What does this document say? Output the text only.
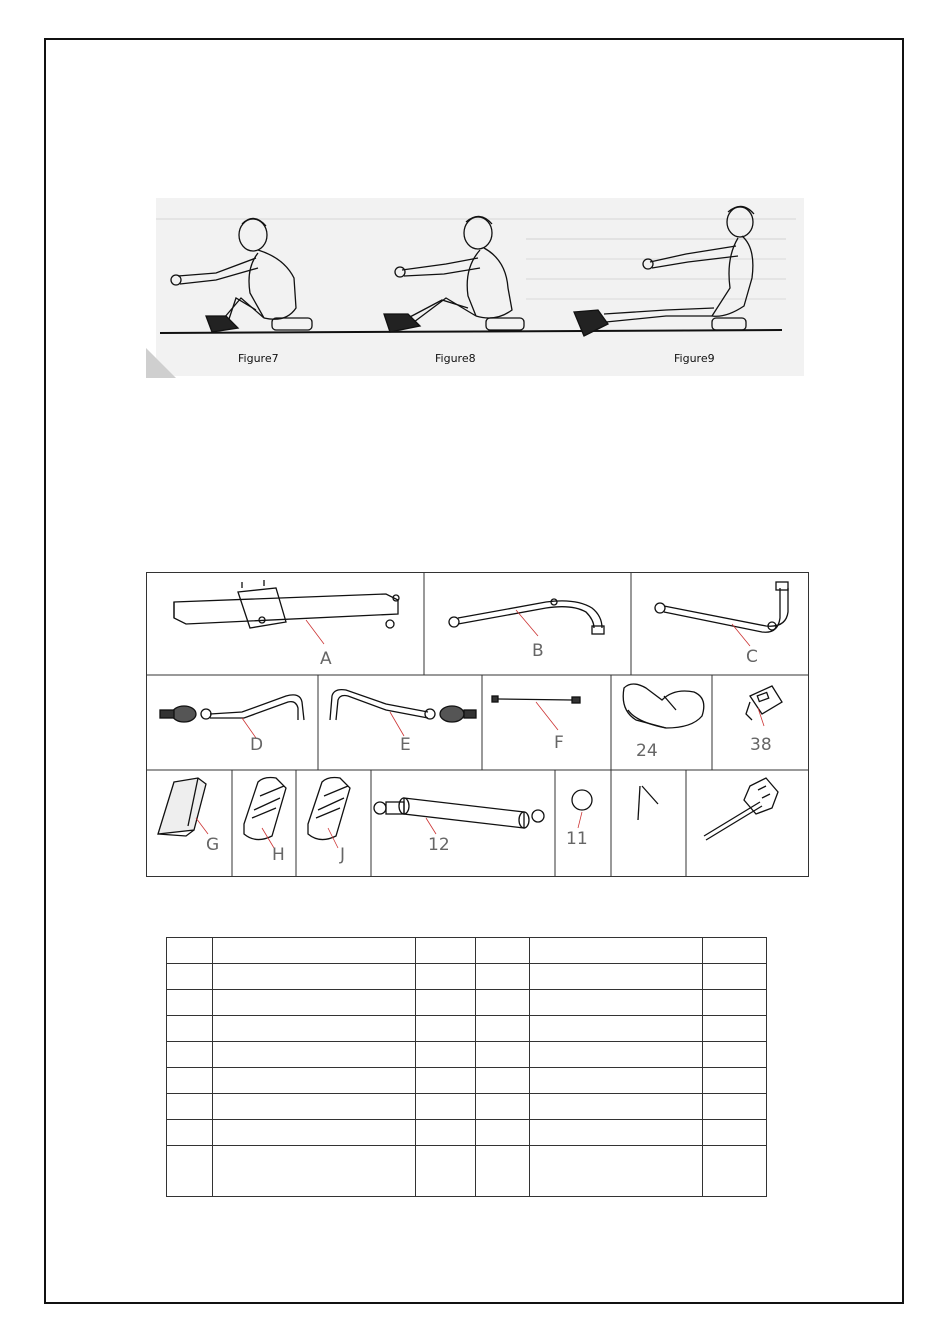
Figure7	Figure8	Figure9
A	B	C
D	E	F	24	38
G	H	J	12	11
